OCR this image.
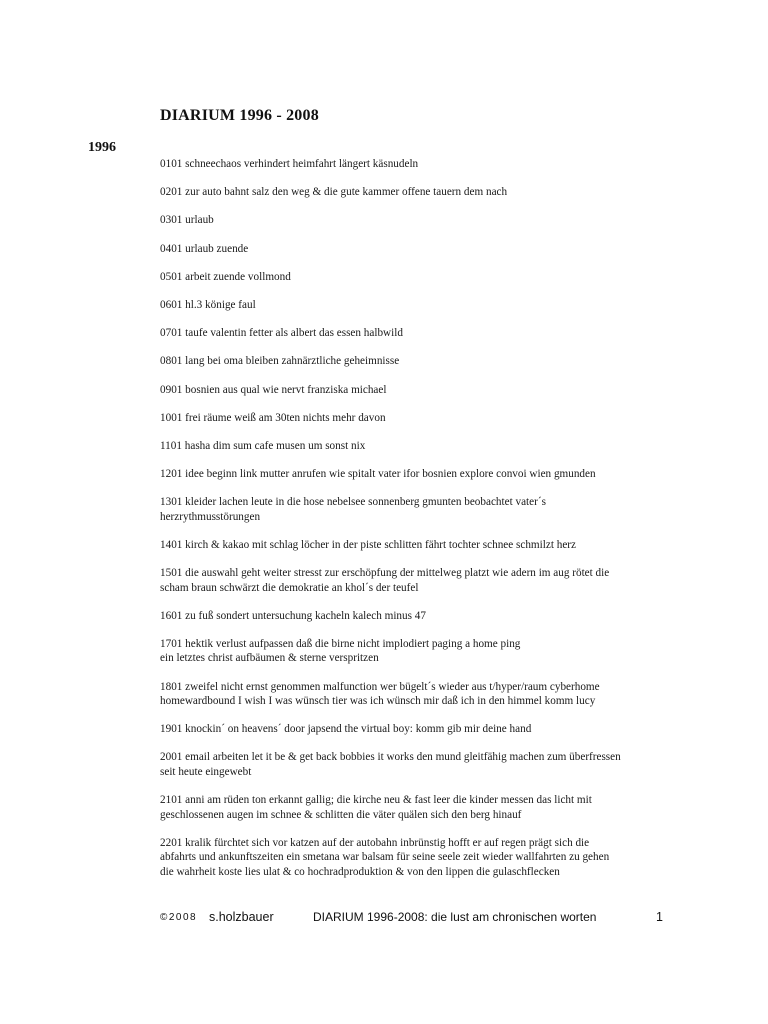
DIARIUM 1996 - 2008
1996
0101 schneechaos verhindert heimfahrt längert käsnudeln
0201 zur auto bahnt salz den weg & die gute kammer offene tauern dem nach
0301 urlaub
0401 urlaub zuende
0501 arbeit zuende vollmond
0601 hl.3 könige faul
0701 taufe valentin fetter als albert das essen halbwild
0801 lang bei oma bleiben zahnärztliche geheimnisse
0901 bosnien aus qual wie nervt franziska michael
1001 frei räume weiß am 30ten nichts mehr davon
1101 hasha dim sum cafe musen um sonst nix
1201 idee beginn link mutter anrufen wie spitalt vater ifor bosnien explore convoi wien gmunden
1301 kleider lachen leute in die hose nebelsee sonnenberg gmunten beobachtet vater´s
herzrythmusstörungen
1401 kirch & kakao mit schlag löcher in der piste schlitten fährt tochter schnee schmilzt herz
1501 die auswahl geht weiter stresst zur erschöpfung der mittelweg platzt wie adern im aug rötet die
scham braun schwärzt die demokratie an khol´s der teufel
1601 zu fuß sondert untersuchung kacheln kalech minus 47
1701 hektik verlust aufpassen daß die birne nicht implodiert paging a home ping
ein letztes christ aufbäumen & sterne verspritzen
1801 zweifel nicht ernst genommen malfunction wer bügelt´s wieder aus t/hyper/raum cyberhome
homewardbound I wish I was wünsch tier was ich wünsch mir daß ich in den himmel komm lucy
1901 knockin´ on heavens´ door japsend the virtual boy: komm gib mir deine hand
2001 email arbeiten let it be & get back bobbies it works den mund gleitfähig machen zum überfressen
seit heute eingewebt
2101 anni am rüden ton erkannt gallig; die kirche neu & fast leer die kinder messen das licht mit
geschlossenen augen im schnee & schlitten die väter quälen sich den berg hinauf
2201 kralik fürchtet sich vor katzen auf der autobahn inbrünstig hofft er auf regen prägt sich die
abfahrts und ankunftszeiten ein smetana war balsam für seine seele zeit wieder wallfahrten zu gehen
die wahrheit koste lies ulat & co hochradproduktion & von den lippen die gulaschflecken
©2008 s.holzbauer	DIARIUM 1996-2008: die lust am chronischen worten	1
